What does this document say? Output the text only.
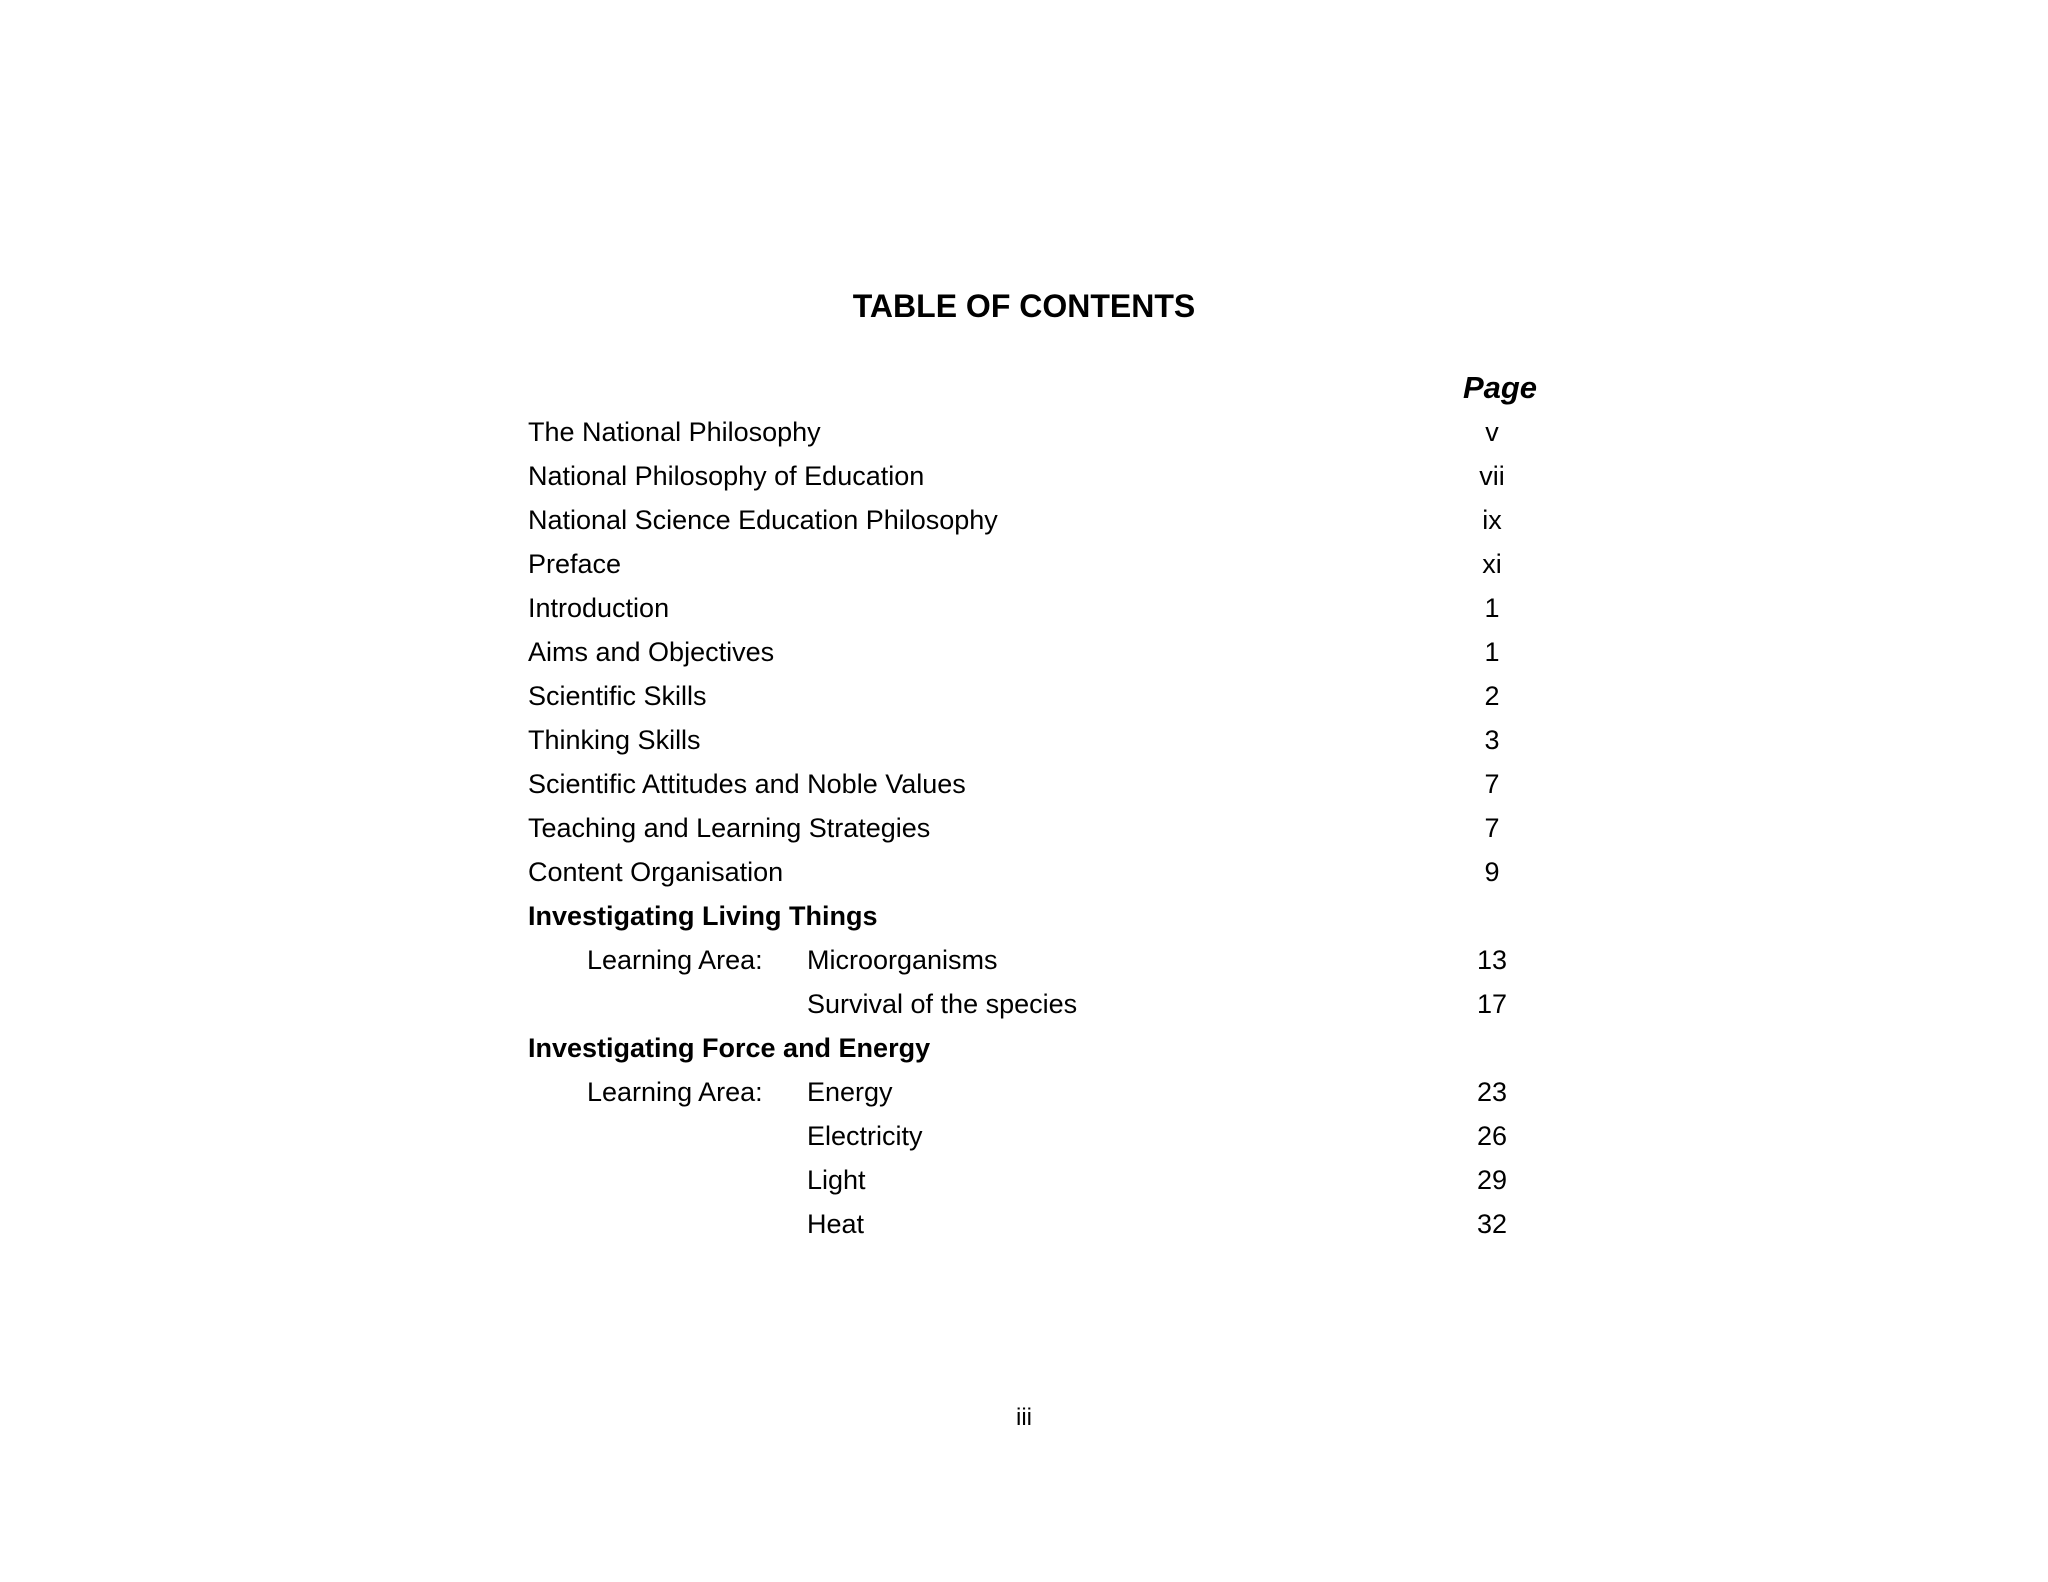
TABLE OF CONTENTS
Page
The National Philosophy	v
National Philosophy of Education	vii
National Science Education Philosophy	ix
Preface	xi
Introduction	1
Aims and Objectives	1
Scientific Skills	2
Thinking Skills	3
Scientific Attitudes and Noble Values	7
Teaching and Learning Strategies	7
Content Organisation	9
Investigating Living Things
Learning Area: Microorganisms	13
Survival of the species	17
Investigating Force and Energy
Learning Area: Energy	23
Electricity	26
Light	29
Heat	32
iii
